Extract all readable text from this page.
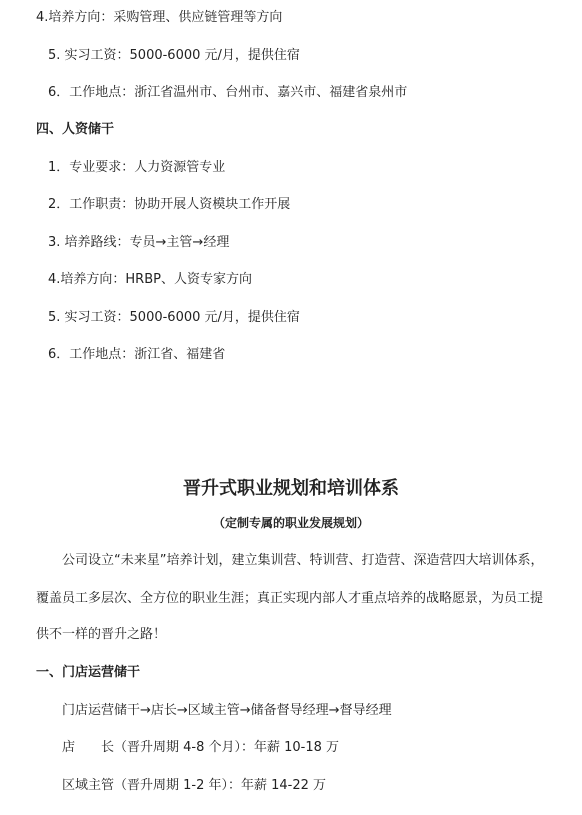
4.培养方向：采购管理、供应链管理等方向
5. 实习工资：5000-6000 元/月，提供住宿
6．工作地点：浙江省温州市、台州市、嘉兴市、福建省泉州市
四、人资储干
1．专业要求：人力资源管专业
2．工作职责：协助开展人资模块工作开展
3. 培养路线：专员→主管→经理
4.培养方向：HRBP、人资专家方向
5. 实习工资：5000-6000 元/月，提供住宿
6．工作地点：浙江省、福建省
晋升式职业规划和培训体系
（定制专属的职业发展规划）
公司设立“未来星”培养计划，建立集训营、特训营、打造营、深造营四大培训体系，
覆盖员工多层次、全方位的职业生涯；真正实现内部人才重点培养的战略愿景，为员工提
供不一样的晋升之路！
一、门店运营储干
门店运营储干→店长→区域主管→储备督导经理→督导经理
店　　长（晋升周期 4-8 个月）：年薪 10-18 万
区域主管（晋升周期 1-2 年）：年薪 14-22 万
